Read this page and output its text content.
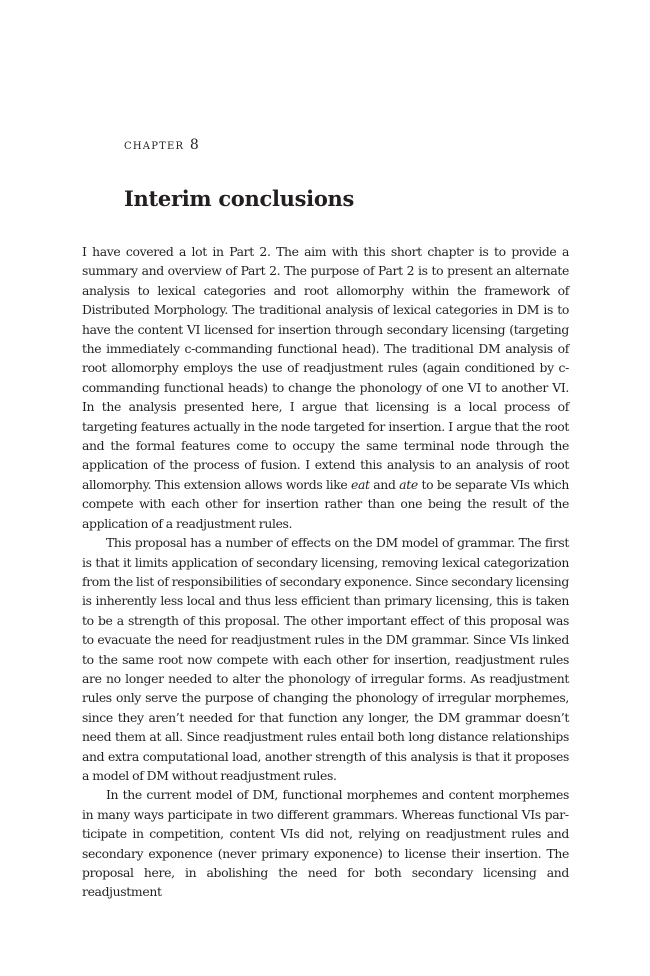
chapter 8
Interim conclusions

I have covered a lot in Part 2. The aim with this short chapter is to provide a summary and overview of Part 2. The purpose of Part 2 is to present an alternate analysis to lexical categories and root allomorphy within the framework of Distributed Morphology. The traditional analysis of lexical categories in DM is to have the content VI licensed for insertion through secondary licensing (targeting the immediately c-commanding functional head). The traditional DM analysis of root allomorphy employs the use of readjustment rules (again conditioned by c-commanding functional heads) to change the phonology of one VI to another VI. In the analysis presented here, I argue that licensing is a local process of targeting features actually in the node targeted for insertion. I argue that the root and the formal features come to occupy the same terminal node through the application of the process of fusion. I extend this analysis to an analysis of root allomorphy. This extension allows words like eat and ate to be separate VIs which compete with each other for insertion rather than one being the result of the application of a readjustment rules.

This proposal has a number of effects on the DM model of grammar. The first is that it limits application of secondary licensing, removing lexical categorization from the list of responsibilities of secondary exponence. Since secondary licensing is inherently less local and thus less efficient than primary licensing, this is taken to be a strength of this proposal. The other important effect of this proposal was to evacuate the need for readjustment rules in the DM grammar. Since VIs linked to the same root now compete with each other for insertion, readjustment rules are no longer needed to alter the phonology of irregular forms. As readjustment rules only serve the purpose of changing the phonology of irregular morphemes, since they aren’t needed for that function any longer, the DM grammar doesn’t need them at all. Since readjustment rules entail both long distance relationships and extra computational load, another strength of this analysis is that it proposes a model of DM without readjustment rules.

In the current model of DM, functional morphemes and content morphemes in many ways participate in two different grammars. Whereas functional VIs participate in competition, content VIs did not, relying on readjustment rules and secondary exponence (never primary exponence) to license their insertion. The proposal here, in abolishing the need for both secondary licensing and readjustment
